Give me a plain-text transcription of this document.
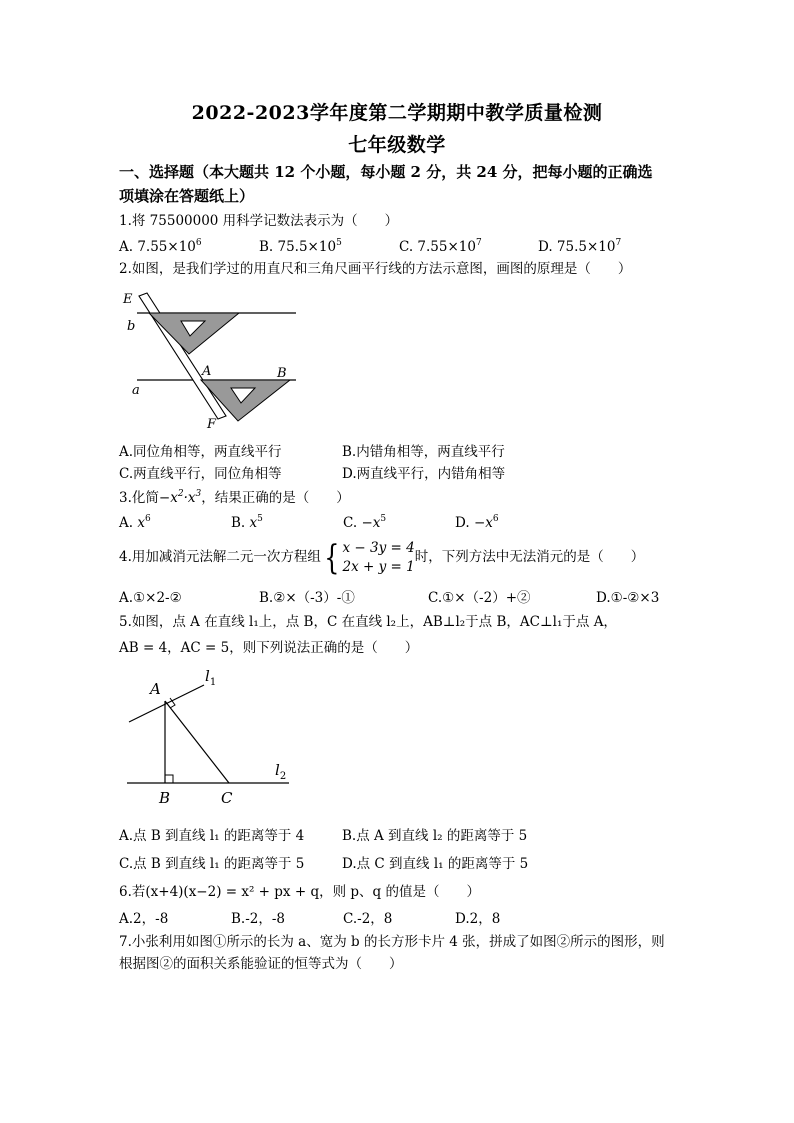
2022-2023学年度第二学期期中教学质量检测
七年级数学
一、选择题（本大题共 12 个小题，每小题 2 分，共 24 分，把每小题的正确选
项填涂在答题纸上）
1.将 75500000 用科学记数法表示为（　　）
A. $7.55\times 10^6$	B. $75.5\times 10^5$	C. $7.55\times 10^7$	D. $75.5\times 10^7$
2.如图，是我们学过的用直尺和三角尺画平行线的方法示意图，画图的原理是（　　）
E
b
a
A	B
F
A.同位角相等，两直线平行	B.内错角相等，两直线平行
C.两直线平行，同位角相等	D.两直线平行，内错角相等
3.化简$-x^2\cdot x^3$，结果正确的是（　　）
A. $x^6$	B. $x^5$	C. $-x^5$	D. $-x^6$
4.用加减消元法解二元一次方程组{ x − 3y = 4
2x + y = 1
时，下列方法中无法消元的是（　　）
A.①×2-②	B.②×（-3）-①	C.①×（-2）+②	D.①-②×3
5.如图，点 A 在直线 l₁上，点 B，C 在直线 l₂上，AB⊥l₂于点 B，AC⊥l₁于点 A，
AB = 4，AC = 5，则下列说法正确的是（　　）
A
B	C
$l_1$
$l_2$
A.点 B 到直线 l₁ 的距离等于 4	B.点 A 到直线 l₂ 的距离等于 5
C.点 B 到直线 l₁ 的距离等于 5	D.点 C 到直线 l₁ 的距离等于 5
6.若(x+4)(x−2) = x² + px + q，则 p、q 的值是（　　）
A.2，-8	B.-2，-8	C.-2，8	D.2，8
7.小张利用如图①所示的长为 a、宽为 b 的长方形卡片 4 张，拼成了如图②所示的图形，则
根据图②的面积关系能验证的恒等式为（　　）
